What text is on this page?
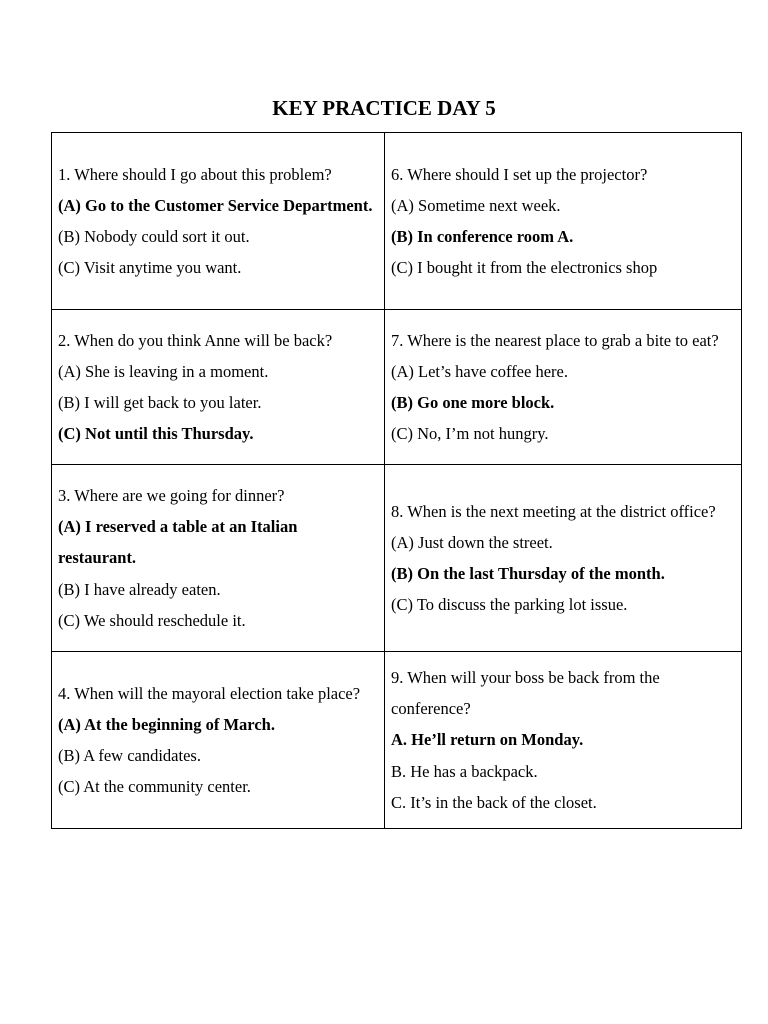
KEY PRACTICE DAY 5
1. Where should I go about this problem?
(A) Go to the Customer Service Department.
(B) Nobody could sort it out.
(C) Visit anytime you want.	6. Where should I set up the projector?
(A) Sometime next week.
(B) In conference room A.
(C) I bought it from the electronics shop

2. When do you think Anne will be back?
(A) She is leaving in a moment.
(B) I will get back to you later.
(C) Not until this Thursday.	7. Where is the nearest place to grab a bite to eat?
(A) Let’s have coffee here.
(B) Go one more block.
(C) No, I’m not hungry.

3. Where are we going for dinner?
(A) I reserved a table at an Italian restaurant.
(B) I have already eaten.
(C) We should reschedule it.	8. When is the next meeting at the district office?
(A) Just down the street.
(B) On the last Thursday of the month.
(C) To discuss the parking lot issue.

4. When will the mayoral election take place?
(A) At the beginning of March.
(B) A few candidates.
(C) At the community center.	9. When will your boss be back from the conference?
A. He’ll return on Monday.
B. He has a backpack.
C. It’s in the back of the closet.
